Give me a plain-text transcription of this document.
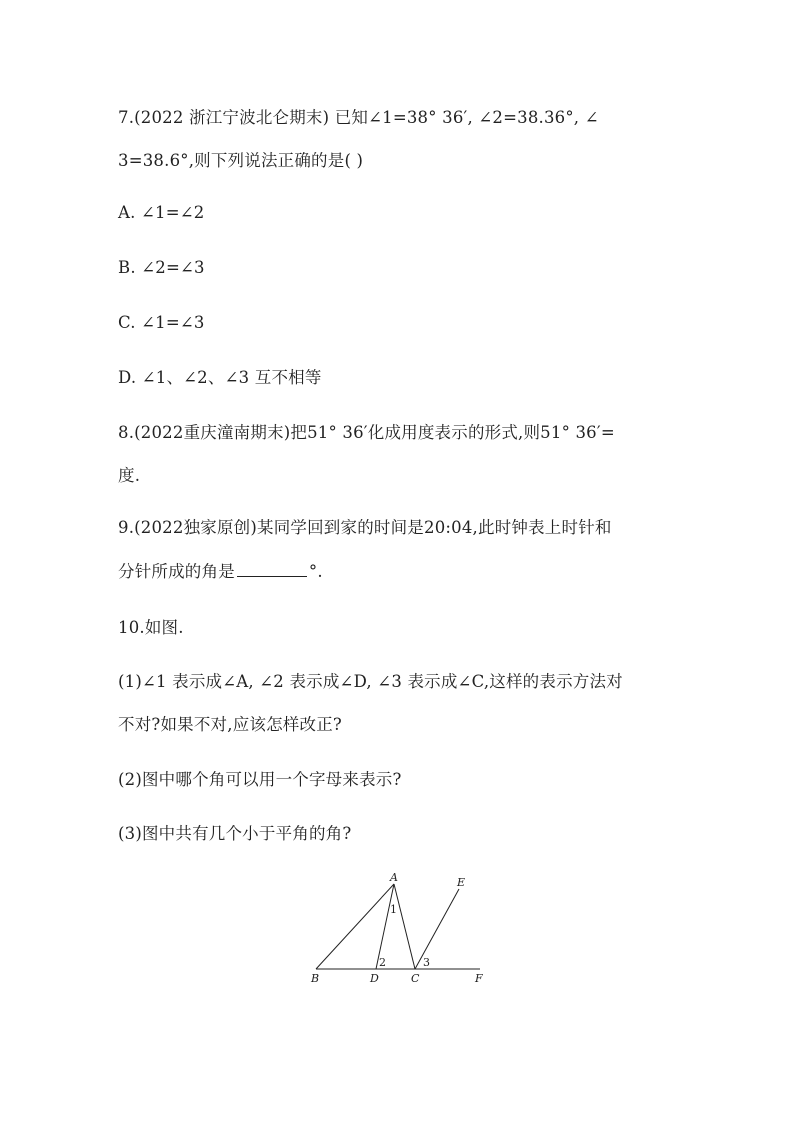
7.(2022 浙江宁波北仑期末) 已知∠1=38° 36′, ∠2=38.36°, ∠
3=38.6°,则下列说法正确的是( )
A. ∠1=∠2
B. ∠2=∠3
C. ∠1=∠3
D. ∠1、∠2、∠3 互不相等
8.(2022重庆潼南期末)把51° 36′化成用度表示的形式,则51° 36′=
度.
9.(2022独家原创)某同学回到家的时间是20:04,此时钟表上时针和
分针所成的角是	°.
10.如图.
(1)∠1 表示成∠A, ∠2 表示成∠D, ∠3 表示成∠C,这样的表示方法对
不对?如果不对,应该怎样改正?
(2)图中哪个角可以用一个字母来表示?
(3)图中共有几个小于平角的角?
A
B	C
D
E
F
1
2	3
